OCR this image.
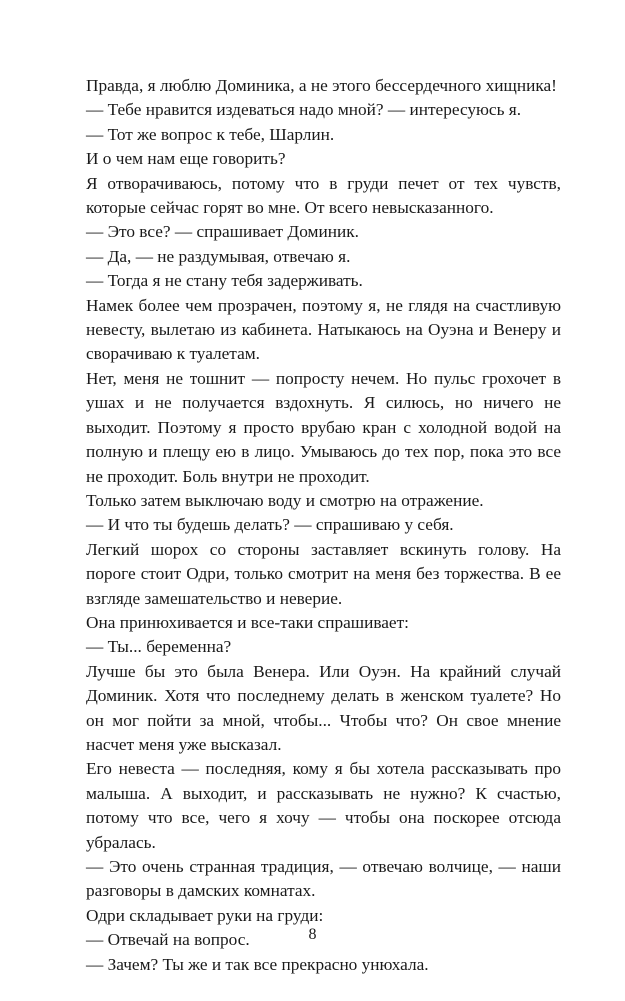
Правда, я люблю Доминика, а не этого бессердечного хищника!

— Тебе нравится издеваться надо мной? — интересуюсь я.

— Тот же вопрос к тебе, Шарлин.

И о чем нам еще говорить?

Я отворачиваюсь, потому что в груди печет от тех чувств, которые сейчас горят во мне. От всего невысказанного.

— Это все? — спрашивает Доминик.

— Да, — не раздумывая, отвечаю я.

— Тогда я не стану тебя задерживать.

Намек более чем прозрачен, поэтому я, не глядя на счастливую невесту, вылетаю из кабинета. Натыкаюсь на Оуэна и Венеру и сворачиваю к туалетам.

Нет, меня не тошнит — попросту нечем. Но пульс грохочет в ушах и не получается вздохнуть. Я силюсь, но ничего не выходит. Поэтому я просто врубаю кран с холодной водой на полную и плещу ею в лицо. Умываюсь до тех пор, пока это все не проходит. Боль внутри не проходит.

Только затем выключаю воду и смотрю на отражение.

— И что ты будешь делать? — спрашиваю у себя.

Легкий шорох со стороны заставляет вскинуть голову. На пороге стоит Одри, только смотрит на меня без торжества. В ее взгляде замешательство и неверие.

Она принюхивается и все-таки спрашивает:

— Ты... беременна?

Лучше бы это была Венера. Или Оуэн. На крайний случай Доминик. Хотя что последнему делать в женском туалете? Но он мог пойти за мной, чтобы... Чтобы что? Он свое мнение насчет меня уже высказал.

Его невеста — последняя, кому я бы хотела рассказывать про малыша. А выходит, и рассказывать не нужно? К счастью, потому что все, чего я хочу — чтобы она поскорее отсюда убралась.

— Это очень странная традиция, — отвечаю волчице, — наши разговоры в дамских комнатах.

Одри складывает руки на груди:

— Отвечай на вопрос.

— Зачем? Ты же и так все прекрасно унюхала.

8
